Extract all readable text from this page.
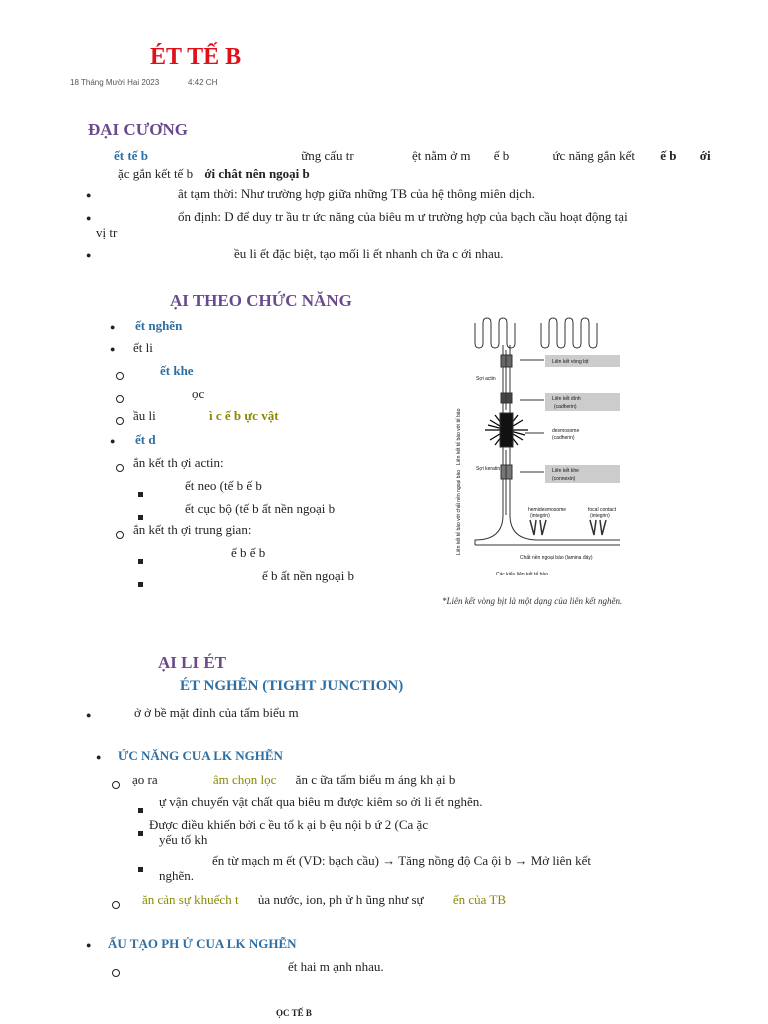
ÉT TẾ B
18 Tháng Mười Hai 2023	4:42 CH
ĐẠI CƯƠNG
ết tế b	ững cấu tr	ệt nằm ở m ế b	ức năng gắn kết ế b ới
ặc gắn kết tế b ới chât nên ngoại b
●	ât tạm thời: Như trường hợp giữa những TB của hệ thông miên dịch.
●	ổn định: D để duy tr ầu tr ức năng của biêu m ư trường hợp của bạch cầu hoạt động tại
vị tr
●	ều li ết đặc biệt, tạo mối li ết nhanh ch ữa c ới nhau.
ẠI THEO CHỨC NĂNG
● ết nghẽn
● ết li
ết khe
ọc
ầu li	ì c ế b ực vật
● ết d
ắn kết th ợi actin:
ết neo (tế b ế b
ết cục bộ (tế b ất nền ngoại b
ắn kết th ợi trung gian:
ế b ế b
ế b ất nền ngoại b
Liên kết vòng bịt
Liên kết dính
(cadherin)
desmosome
(cadherin)
Liên kết khe
(connexin)
Sợi actin
Sợi keratin
hemidesmosome
(integrin)
focal contact
(integrin)
Chất nền ngoại bào (lamina đáy)
Các kiểu liên kết tế bào
Liên kết tế bào với tế bào
Liên kết tế bào với chất nền ngoại bào
*Liên kết vòng bịt là một dạng của liên kết nghẽn.
ẠI LI ÉT
ÉT NGHẼN (TIGHT JUNCTION)
●	ở ở bề mặt đỉnh của tấm biểu m
● ỨC NĂNG CUA LK NGHẼN
ạo ra	âm chọn lọc ăn c ữa tấm biểu m áng kh ại b
ự vận chuyến vật chất qua biêu m được kiêm so ởi li ết nghẽn.
Được điều khiến bởi c ều tố k ại b ệu nội b ứ 2 (Ca ặc
yếu tố kh
ến từ mạch m ết (VD: bạch cầu) → Tăng nồng độ Ca ội b → Mở liên kết
nghẽn.
ăn cản sự khuếch t ủa nước, ion, ph ử h ũng như sự ến của TB
● ẤU TẠO PH Ử CUA LK NGHẼN
ết hai m ạnh nhau.
ỌC TẾ B
